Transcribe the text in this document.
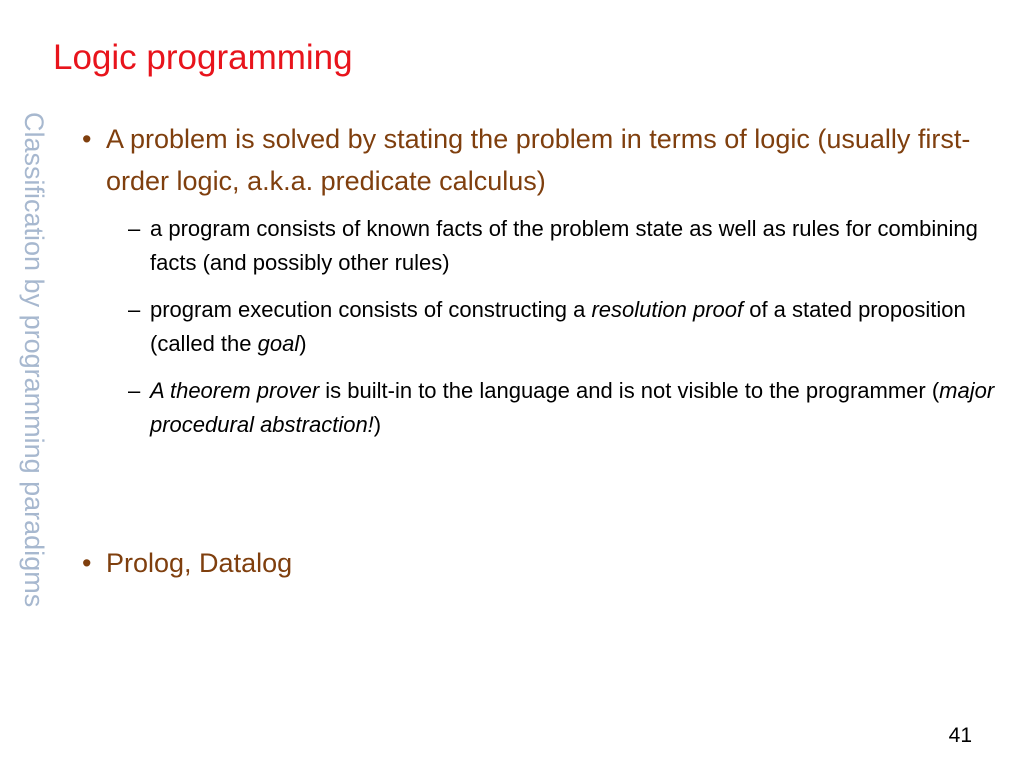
Logic programming
Classification by programming paradigms • A problem is solved by stating the problem in terms of logic (usually first-order logic, a.k.a. predicate calculus)
– a program consists of known facts of the problem state as well as rules for combining facts (and possibly other rules)
– program execution consists of constructing a resolution proof of a stated proposition (called the goal)
– A theorem prover is built-in to the language and is not visible to the programmer (major procedural abstraction!)
• Prolog, Datalog
41
